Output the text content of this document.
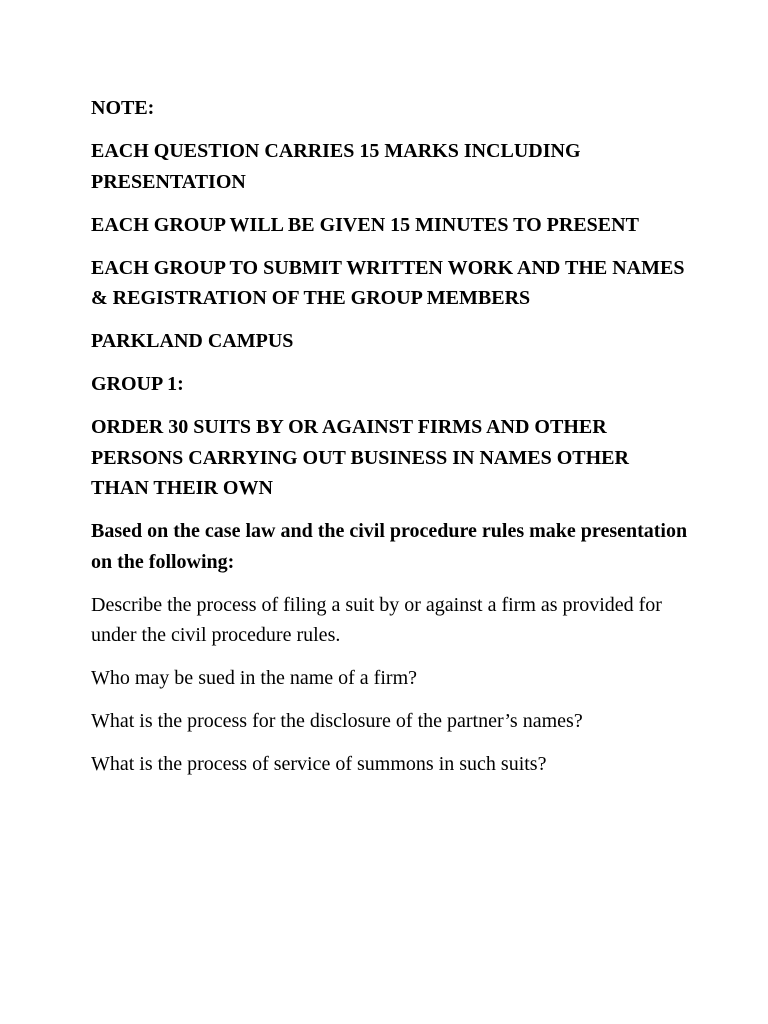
NOTE:

EACH QUESTION CARRIES 15 MARKS INCLUDING PRESENTATION

EACH GROUP WILL BE GIVEN 15 MINUTES TO PRESENT

EACH GROUP TO SUBMIT WRITTEN WORK AND THE NAMES & REGISTRATION OF THE GROUP MEMBERS

PARKLAND CAMPUS

GROUP 1:

ORDER 30 SUITS BY OR AGAINST FIRMS AND OTHER PERSONS CARRYING OUT BUSINESS IN NAMES OTHER THAN THEIR OWN

Based on the case law and the civil procedure rules make presentation on the following:

Describe the process of filing a suit by or against a firm as provided for under the civil procedure rules.

Who may be sued in the name of a firm?

What is the process for the disclosure of the partner’s names?

What is the process of service of summons in such suits?
